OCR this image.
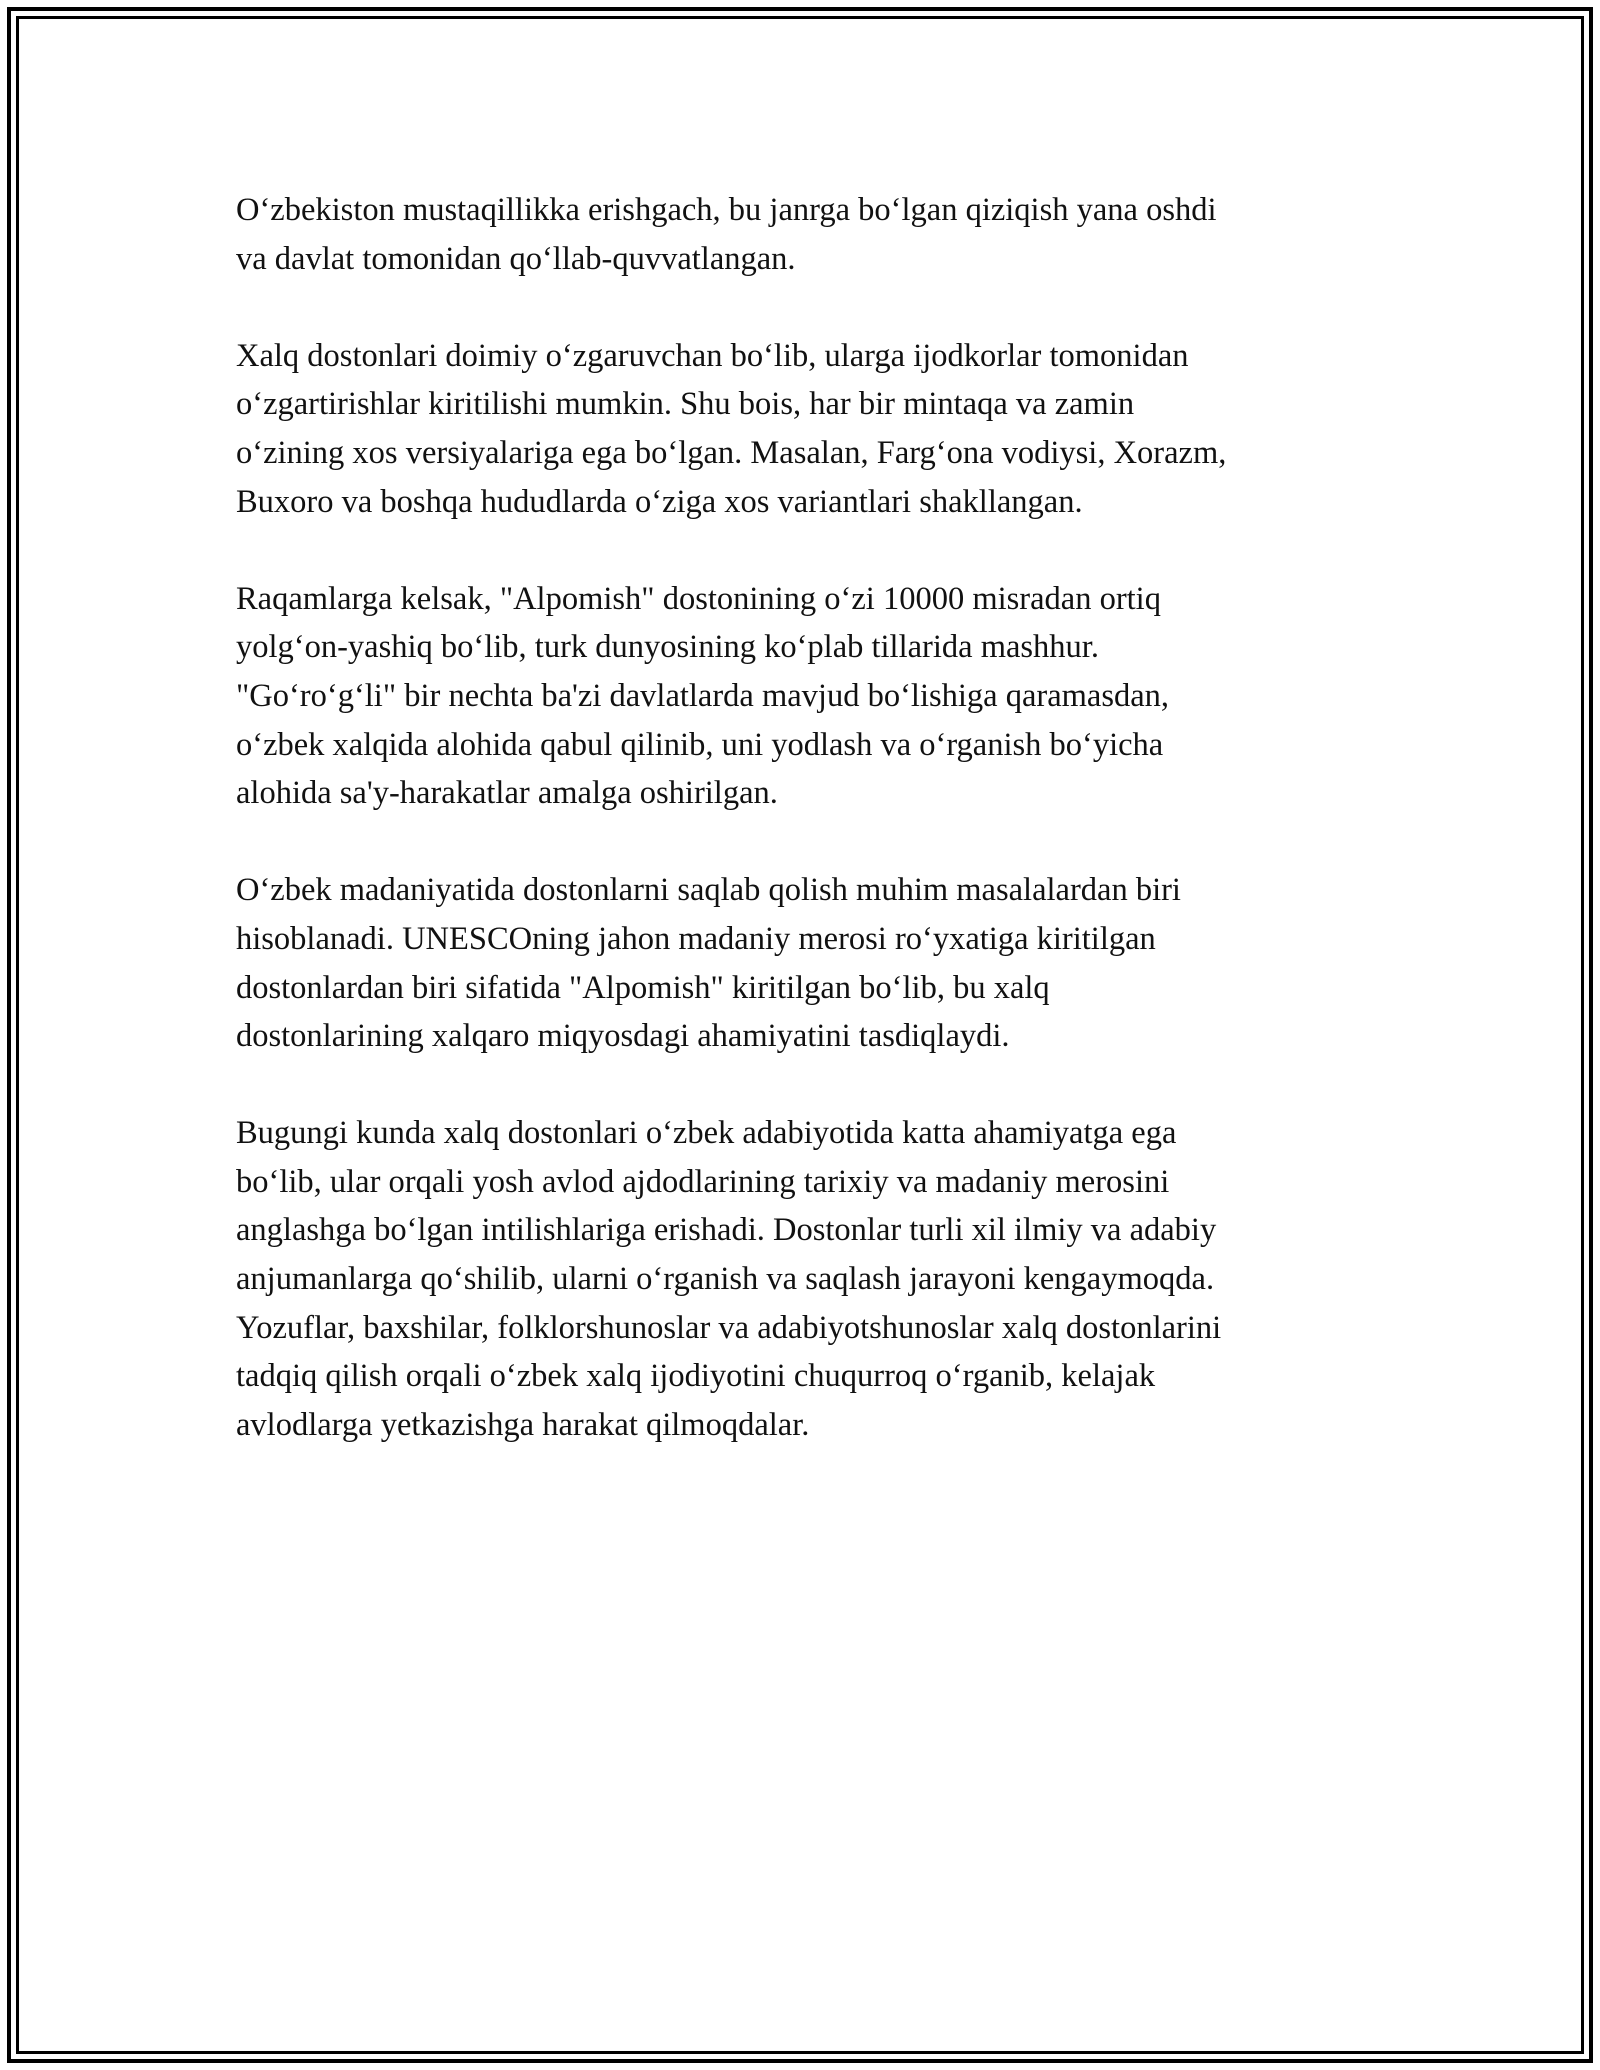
Oʻzbekiston mustaqillikka erishgach, bu janrga boʻlgan qiziqish yana oshdi
va davlat tomonidan qoʻllab-quvvatlangan.

Xalq dostonlari doimiy oʻzgaruvchan boʻlib, ularga ijodkorlar tomonidan
oʻzgartirishlar kiritilishi mumkin. Shu bois, har bir mintaqa va zamin
oʻzining xos versiyalariga ega boʻlgan. Masalan, Fargʻona vodiysi, Xorazm,
Buxoro va boshqa hududlarda oʻziga xos variantlari shakllangan.

Raqamlarga kelsak, "Alpomish" dostonining oʻzi 10000 misradan ortiq
yolgʻon-yashiq boʻlib, turk dunyosining koʻplab tillarida mashhur.
"Goʻroʻgʻli" bir nechta ba'zi davlatlarda mavjud boʻlishiga qaramasdan,
oʻzbek xalqida alohida qabul qilinib, uni yodlash va oʻrganish boʻyicha
alohida sa'y-harakatlar amalga oshirilgan.

Oʻzbek madaniyatida dostonlarni saqlab qolish muhim masalalardan biri
hisoblanadi. UNESCOning jahon madaniy merosi roʻyxatiga kiritilgan
dostonlardan biri sifatida "Alpomish" kiritilgan boʻlib, bu xalq
dostonlarining xalqaro miqyosdagi ahamiyatini tasdiqlaydi.

Bugungi kunda xalq dostonlari oʻzbek adabiyotida katta ahamiyatga ega
boʻlib, ular orqali yosh avlod ajdodlarining tarixiy va madaniy merosini
anglashga boʻlgan intilishlariga erishadi. Dostonlar turli xil ilmiy va adabiy
anjumanlarga qoʻshilib, ularni oʻrganish va saqlash jarayoni kengaymoqda.
Yozuflar, baxshilar, folklorshunoslar va adabiyotshunoslar xalq dostonlarini
tadqiq qilish orqali oʻzbek xalq ijodiyotini chuqurroq oʻrganib, kelajak
avlodlarga yetkazishga harakat qilmoqdalar.
